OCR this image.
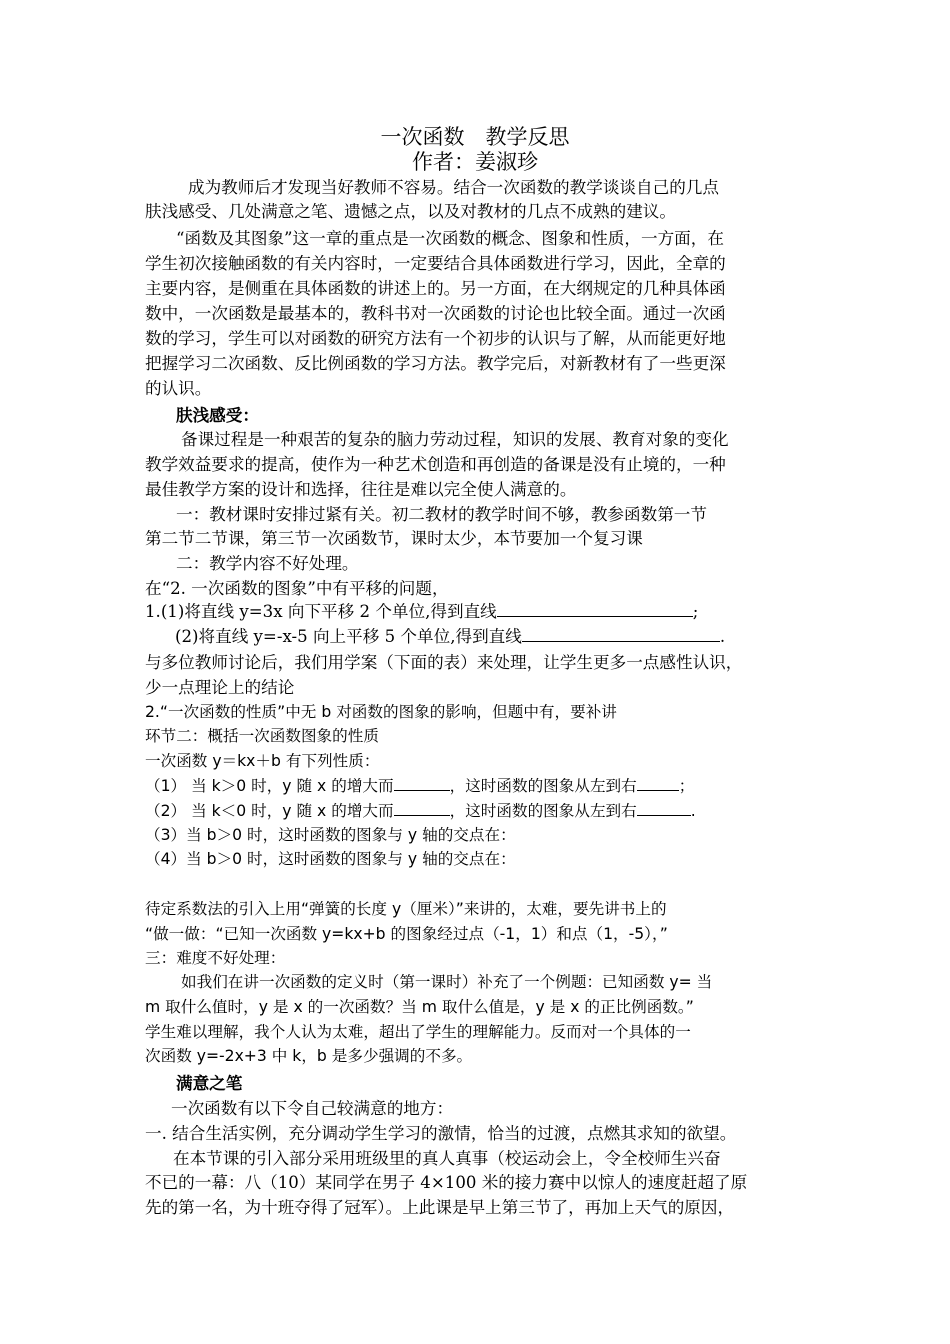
一次函数　教学反思
作者：姜淑珍
成为教师后才发现当好教师不容易。结合一次函数的教学谈谈自己的几点
肤浅感受、几处满意之笔、遗憾之点，以及对教材的几点不成熟的建议。
“函数及其图象”这一章的重点是一次函数的概念、图象和性质，一方面，在
学生初次接触函数的有关内容时，一定要结合具体函数进行学习，因此，全章的
主要内容，是侧重在具体函数的讲述上的。另一方面，在大纲规定的几种具体函
数中，一次函数是最基本的，教科书对一次函数的讨论也比较全面。通过一次函
数的学习，学生可以对函数的研究方法有一个初步的认识与了解，从而能更好地
把握学习二次函数、反比例函数的学习方法。教学完后，对新教材有了一些更深
的认识。
肤浅感受：
备课过程是一种艰苦的复杂的脑力劳动过程，知识的发展、教育对象的变化
教学效益要求的提高，使作为一种艺术创造和再创造的备课是没有止境的，一种
最佳教学方案的设计和选择，往往是难以完全使人满意的。
一：教材课时安排过紧有关。初二教材的教学时间不够，教参函数第一节
第二节二节课，第三节一次函数节，课时太少，本节要加一个复习课
二：教学内容不好处理。
在“2. 一次函数的图象”中有平移的问题，
1.(1)将直线 y=3x 向下平移 2 个单位,得到直线	;
(2)将直线 y=-x-5 向上平移 5 个单位,得到直线	.
与多位教师讨论后，我们用学案（下面的表）来处理，让学生更多一点感性认识，
少一点理论上的结论
2.“一次函数的性质”中无 b 对函数的图象的影响，但题中有，要补讲
环节二：概括一次函数图象的性质
一次函数 y＝kx＋b 有下列性质：
（1） 当 k＞0 时，y 随 x 的增大而	，这时函数的图象从左到右	；
（2） 当 k＜0 时，y 随 x 的增大而	，这时函数的图象从左到右	.
（3）当 b＞0 时，这时函数的图象与 y 轴的交点在：
（4）当 b＞0 时，这时函数的图象与 y 轴的交点在：
待定系数法的引入上用“弹簧的长度 y（厘米）”来讲的，太难，要先讲书上的
“做一做：“已知一次函数 y=kx+b 的图象经过点（-1，1）和点（1，-5），”
三：难度不好处理：
如我们在讲一次函数的定义时（第一课时）补充了一个例题：已知函数 y= 当
m 取什么值时，y 是 x 的一次函数？当 m 取什么值是，y 是 x 的正比例函数。”
学生难以理解，我个人认为太难，超出了学生的理解能力。反而对一个具体的一
次函数 y=-2x+3 中 k，b 是多少强调的不多。
满意之笔
一次函数有以下令自己较满意的地方：
一. 结合生活实例，充分调动学生学习的激情，恰当的过渡，点燃其求知的欲望。
在本节课的引入部分采用班级里的真人真事（校运动会上，令全校师生兴奋
不已的一幕：八（10）某同学在男子 4×100 米的接力赛中以惊人的速度赶超了原
先的第一名，为十班夺得了冠军）。上此课是早上第三节了，再加上天气的原因，
